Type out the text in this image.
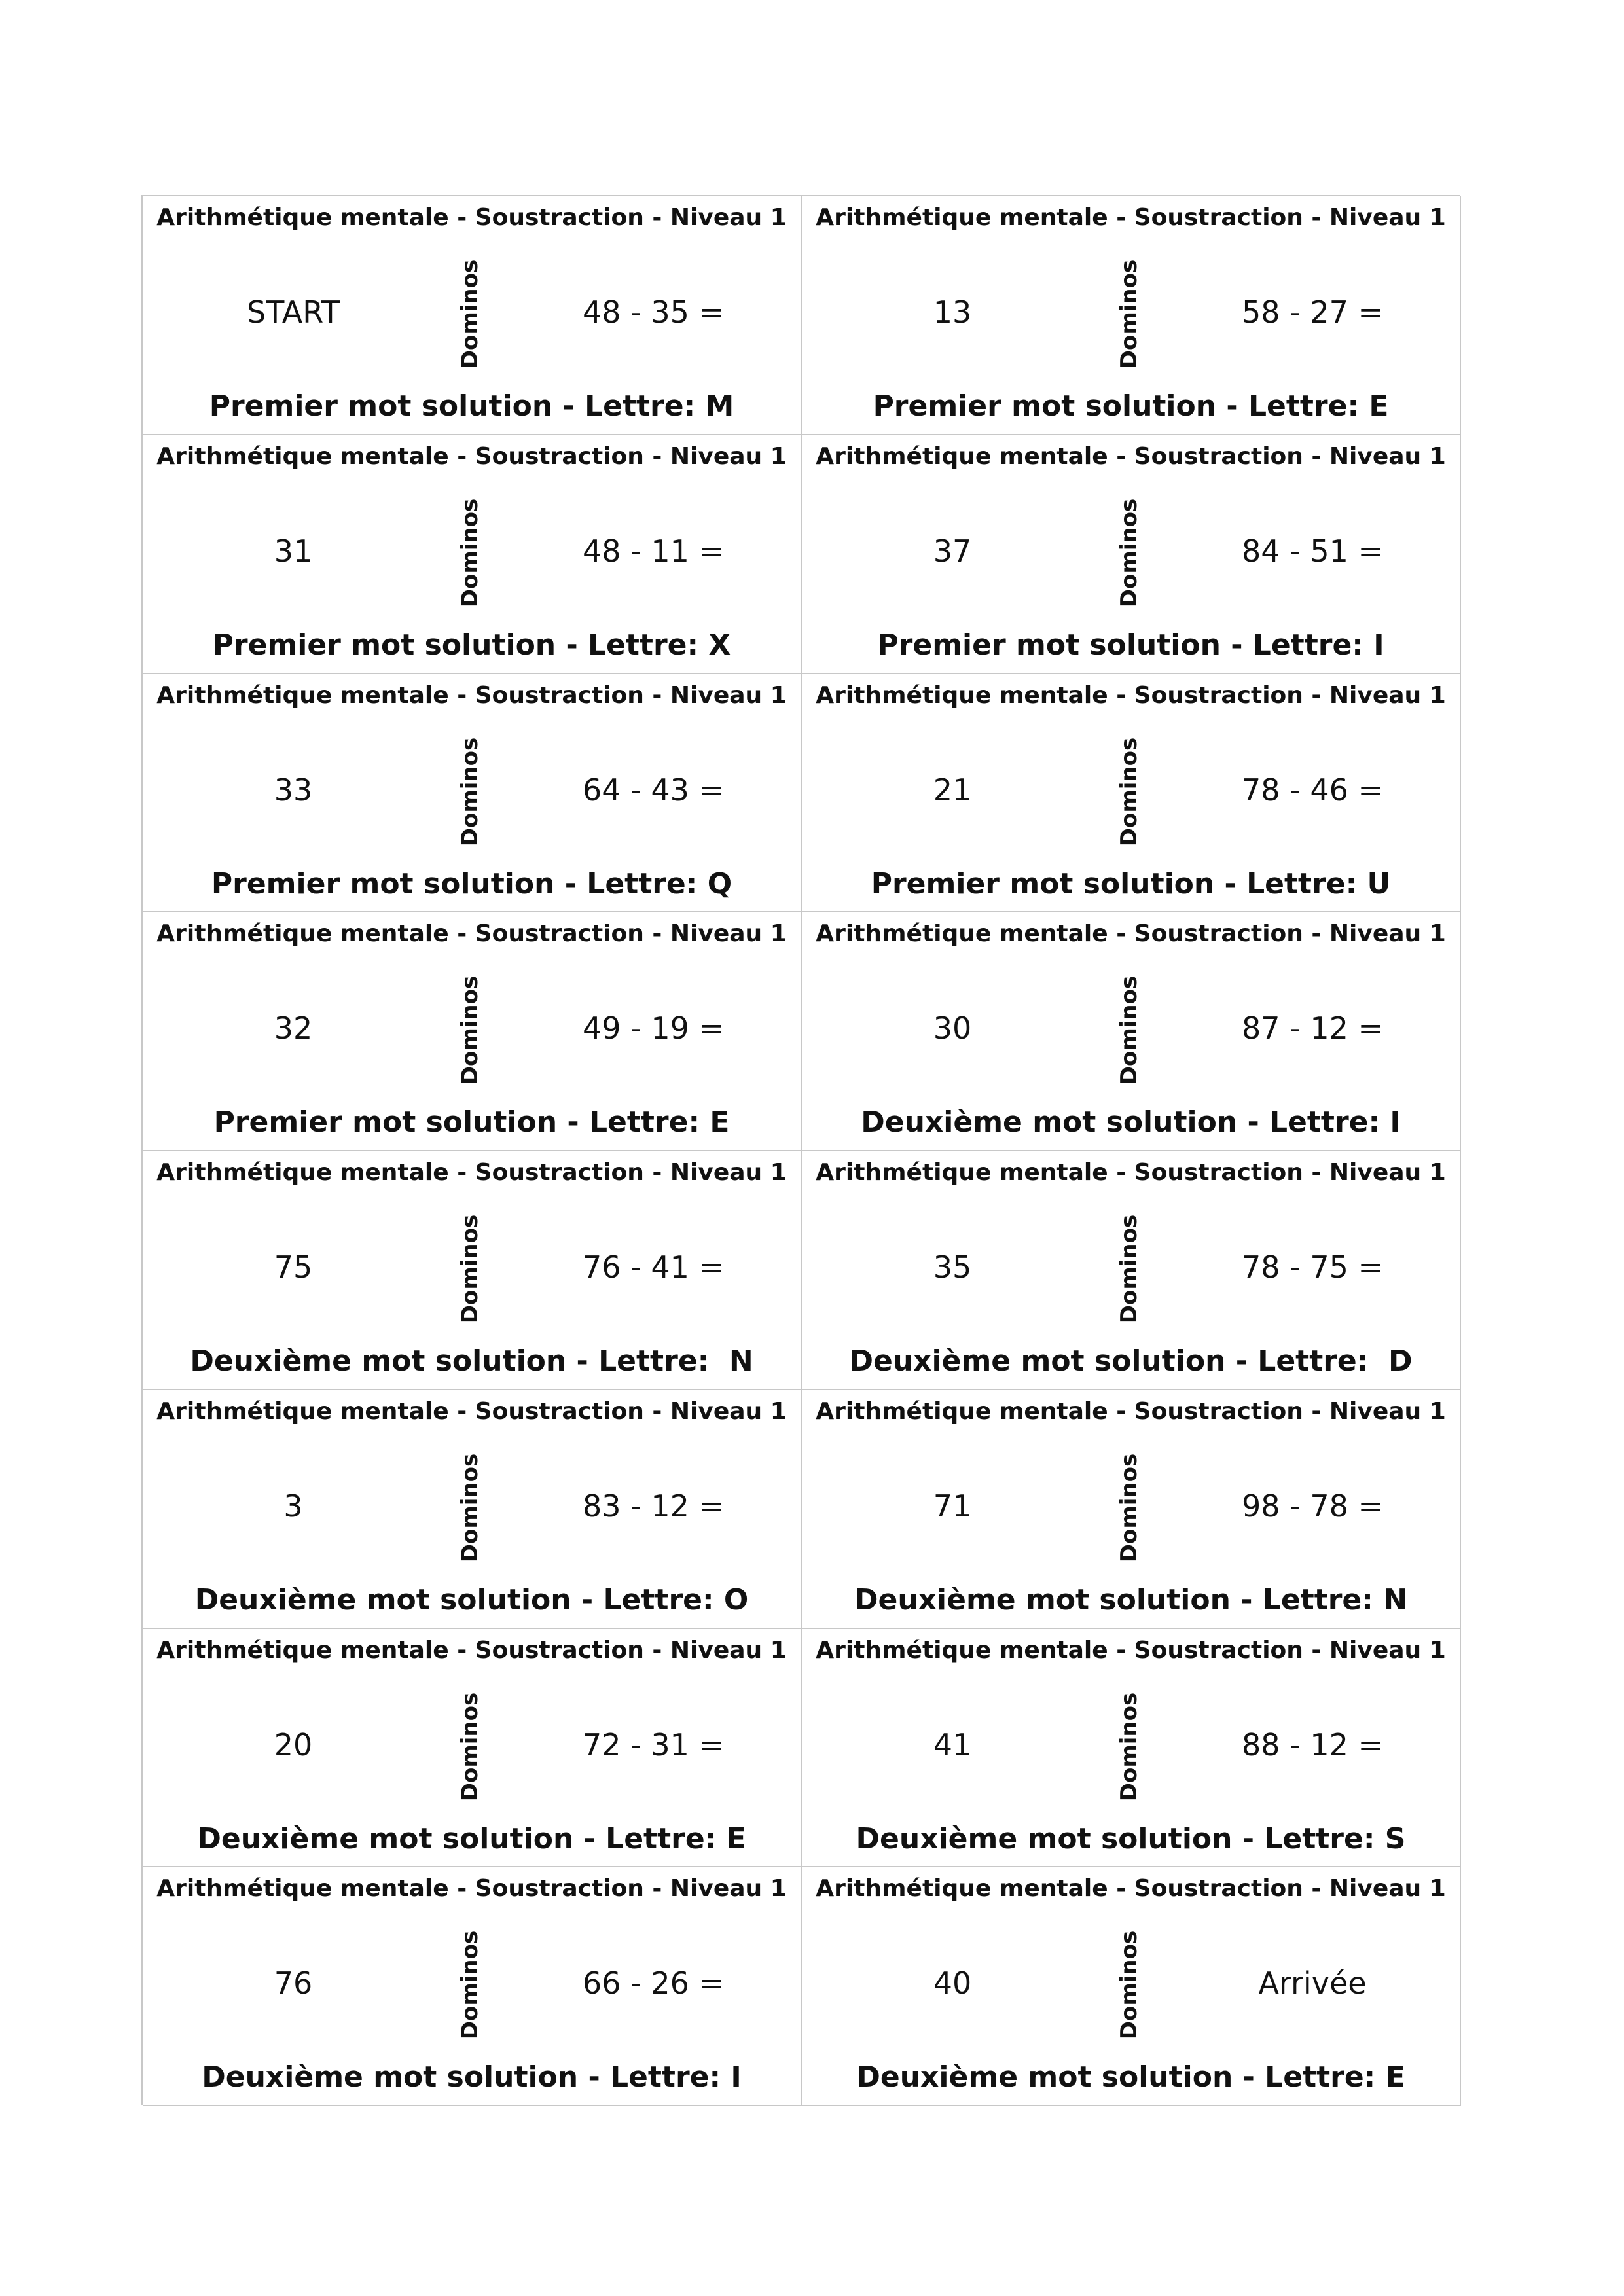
Arithmétique mentale - Soustraction - Niveau 1
START	Dominos	48 - 35 =
Premier mot solution - Lettre: M
Arithmétique mentale - Soustraction - Niveau 1
13	Dominos	58 - 27 =
Premier mot solution - Lettre: E
Arithmétique mentale - Soustraction - Niveau 1
31	Dominos	48 - 11 =
Premier mot solution - Lettre: X
Arithmétique mentale - Soustraction - Niveau 1
37	Dominos	84 - 51 =
Premier mot solution - Lettre: I
Arithmétique mentale - Soustraction - Niveau 1
33	Dominos	64 - 43 =
Premier mot solution - Lettre: Q
Arithmétique mentale - Soustraction - Niveau 1
21	Dominos	78 - 46 =
Premier mot solution - Lettre: U
Arithmétique mentale - Soustraction - Niveau 1
32	Dominos	49 - 19 =
Premier mot solution - Lettre: E
Arithmétique mentale - Soustraction - Niveau 1
30	Dominos	87 - 12 =
Deuxième mot solution - Lettre: I
Arithmétique mentale - Soustraction - Niveau 1
75	Dominos	76 - 41 =
Deuxième mot solution - Lettre:  N
Arithmétique mentale - Soustraction - Niveau 1
35	Dominos	78 - 75 =
Deuxième mot solution - Lettre:  D
Arithmétique mentale - Soustraction - Niveau 1
3	Dominos	83 - 12 =
Deuxième mot solution - Lettre: O
Arithmétique mentale - Soustraction - Niveau 1
71	Dominos	98 - 78 =
Deuxième mot solution - Lettre: N
Arithmétique mentale - Soustraction - Niveau 1
20	Dominos	72 - 31 =
Deuxième mot solution - Lettre: E
Arithmétique mentale - Soustraction - Niveau 1
41	Dominos	88 - 12 =
Deuxième mot solution - Lettre: S
Arithmétique mentale - Soustraction - Niveau 1
76	Dominos	66 - 26 =
Deuxième mot solution - Lettre: I
Arithmétique mentale - Soustraction - Niveau 1
40	Dominos	Arrivée
Deuxième mot solution - Lettre: E
